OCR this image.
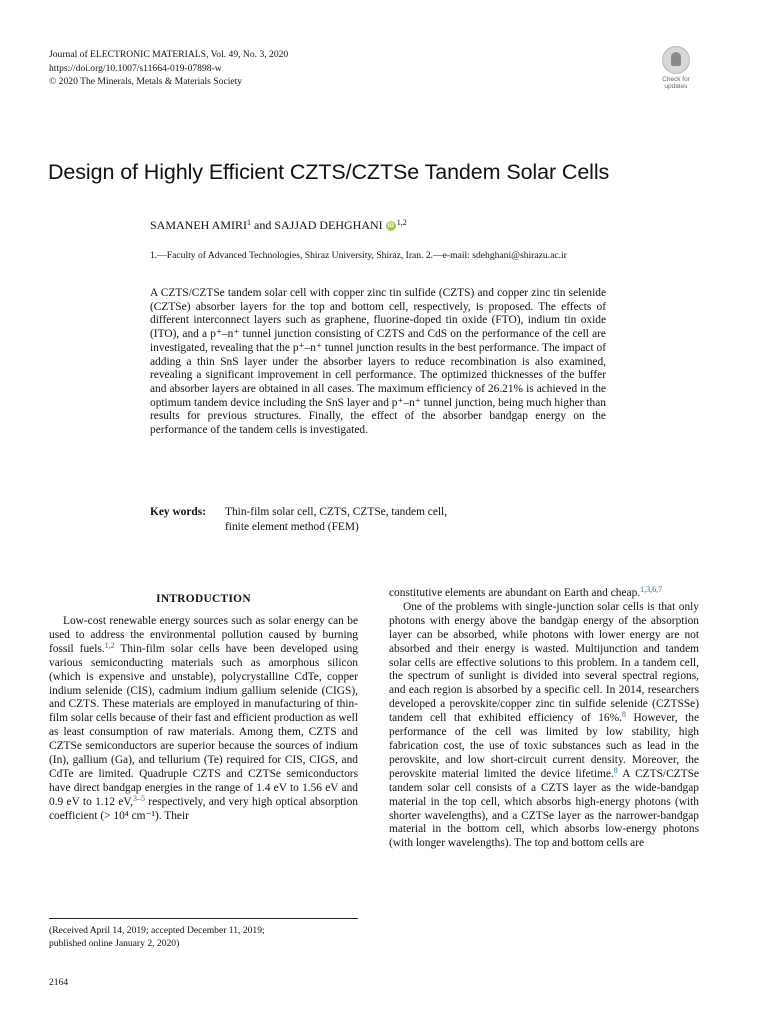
Journal of ELECTRONIC MATERIALS, Vol. 49, No. 3, 2020
https://doi.org/10.1007/s11664-019-07898-w
© 2020 The Minerals, Metals & Materials Society	Check for
updates
Design of Highly Efficient CZTS/CZTSe Tandem Solar Cells
SAMANEH AMIRI$^1$ and SAJJAD DEHGHANI iD $^{1,2}$
1.—Faculty of Advanced Technologies, Shiraz University, Shiraz, Iran. 2.—e-mail: sdehghani@shirazu.ac.ir
A CZTS/CZTSe tandem solar cell with copper zinc tin sulfide (CZTS) and copper zinc tin selenide (CZTSe) absorber layers for the top and bottom cell, respectively, is proposed. The effects of different interconnect layers such as graphene, fluorine-doped tin oxide (FTO), indium tin oxide (ITO), and a p⁺–n⁺ tunnel junction consisting of CZTS and CdS on the performance of the cell are investigated, revealing that the p⁺–n⁺ tunnel junction results in the best performance. The impact of adding a thin SnS layer under the absorber layers to reduce recombination is also examined, revealing a significant improvement in cell performance. The optimized thicknesses of the buffer and absorber layers are obtained in all cases. The maximum efficiency of 26.21% is achieved in the optimum tandem device including the SnS layer and p⁺–n⁺ tunnel junction, being much higher than results for previous structures. Finally, the effect of the absorber bandgap energy on the performance of the tandem cells is investigated.
Key words: Thin-film solar cell, CZTS, CZTSe, tandem cell,
finite element method (FEM)
INTRODUCTION

Low-cost renewable energy sources such as solar energy can be used to address the environmental pollution caused by burning fossil fuels.$^{1,2}$ Thin-film solar cells have been developed using various semiconducting materials such as amorphous silicon (which is expensive and unstable), polycrystalline CdTe, copper indium selenide (CIS), cadmium indium gallium selenide (CIGS), and CZTS. These materials are employed in manufacturing of thin-film solar cells because of their fast and efficient production as well as least consumption of raw materials. Among them, CZTS and CZTSe semiconductors are superior because the sources of indium (In), gallium (Ga), and tellurium (Te) required for CIS, CIGS, and CdTe are limited. Quadruple CZTS and CZTSe semiconductors have direct bandgap energies in the range of 1.4 eV to 1.56 eV and 0.9 eV to 1.12 eV,$^{3-5}$ respectively, and very high optical absorption coefficient (> 10⁴ cm⁻¹). Their

constitutive elements are abundant on Earth and cheap.$^{1,3,6,7}$

One of the problems with single-junction solar cells is that only photons with energy above the bandgap energy of the absorption layer can be absorbed, while photons with lower energy are not absorbed and their energy is wasted. Multijunction and tandem solar cells are effective solutions to this problem. In a tandem cell, the spectrum of sunlight is divided into several spectral regions, and each region is absorbed by a specific cell. In 2014, researchers developed a perovskite/copper zinc tin sulfide selenide (CZTSSe) tandem cell that exhibited efficiency of 16%.$^8$ However, the performance of the cell was limited by low stability, high fabrication cost, the use of toxic substances such as lead in the perovskite, and low short-circuit current density. Moreover, the perovskite material limited the device lifetime.$^8$ A CZTS/CZTSe tandem solar cell consists of a CZTS layer as the wide-bandgap material in the top cell, which absorbs high-energy photons (with shorter wavelengths), and a CZTSe layer as the narrower-bandgap material in the bottom cell, which absorbs low-energy photons (with longer wavelengths). The top and bottom cells are

(Received April 14, 2019; accepted December 11, 2019;
published online January 2, 2020)
2164
